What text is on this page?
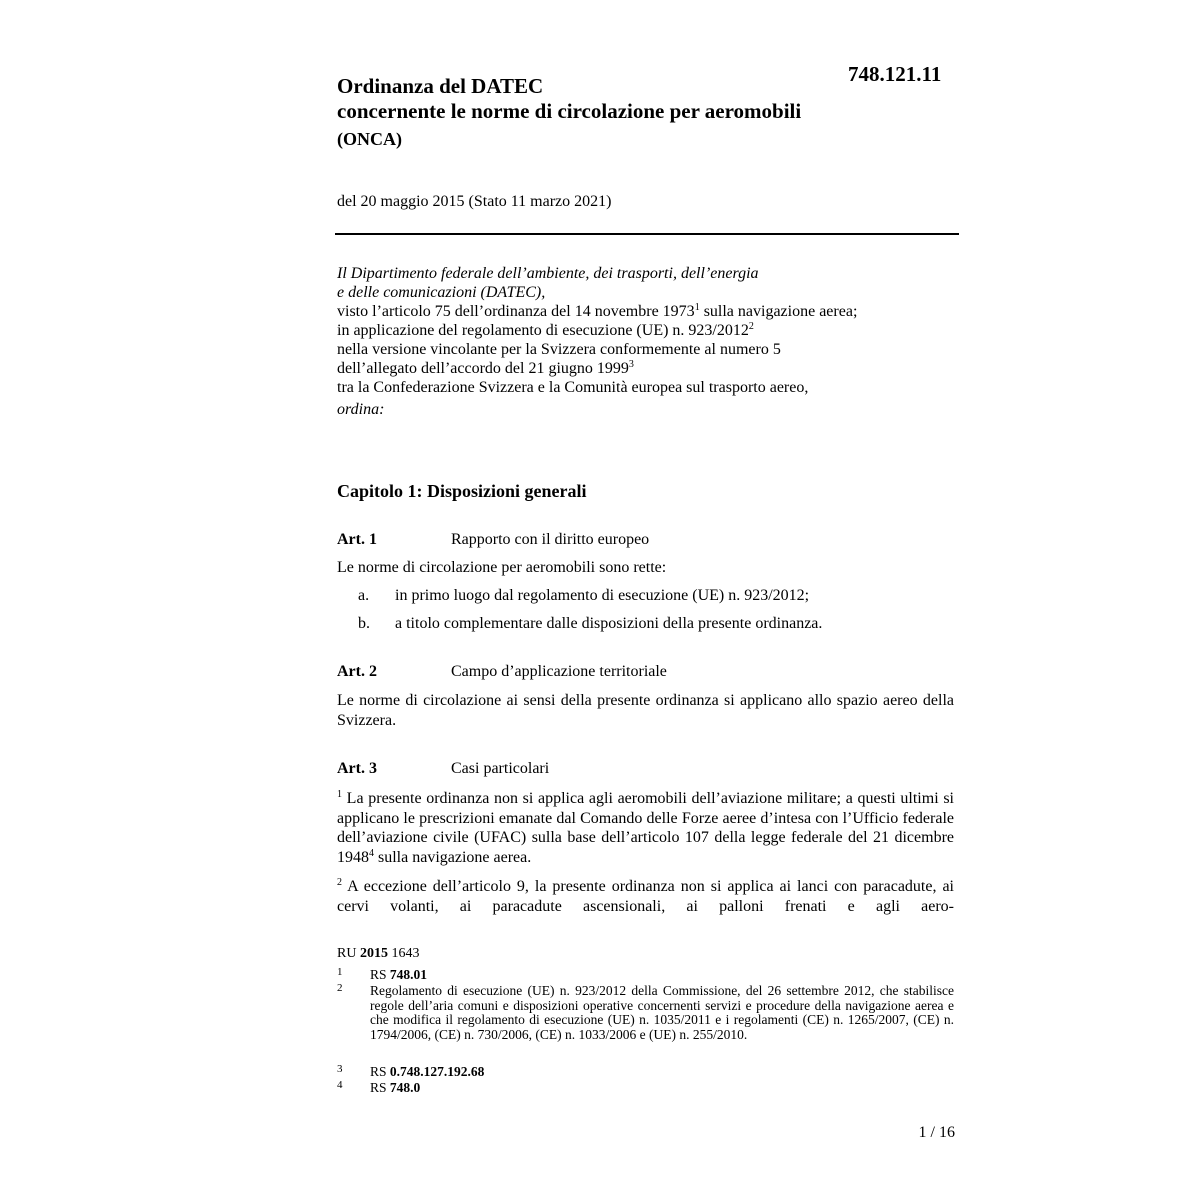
748.121.11
Ordinanza del DATEC
concernente le norme di circolazione per aeromobili
(ONCA)
del 20 maggio 2015 (Stato 11 marzo 2021)
Il Dipartimento federale dell’ambiente, dei trasporti, dell’energia
e delle comunicazioni (DATEC),
visto l’articolo 75 dell’ordinanza del 14 novembre 1973$^1$ sulla navigazione aerea;
in applicazione del regolamento di esecuzione (UE) n. 923/2012$^2$
nella versione vincolante per la Svizzera conformemente al numero 5
dell’allegato dell’accordo del 21 giugno 1999$^3$
tra la Confederazione Svizzera e la Comunità europea sul trasporto aereo,
ordina:
Capitolo 1: Disposizioni generali
Art. 1	Rapporto con il diritto europeo
Le norme di circolazione per aeromobili sono rette:
a. in primo luogo dal regolamento di esecuzione (UE) n. 923/2012;
b. a titolo complementare dalle disposizioni della presente ordinanza.
Art. 2	Campo d’applicazione territoriale
Le norme di circolazione ai sensi della presente ordinanza si applicano allo spazio aereo della Svizzera.
Art. 3	Casi particolari
$^1$ La presente ordinanza non si applica agli aeromobili dell’aviazione militare; a questi ultimi si applicano le prescrizioni emanate dal Comando delle Forze aeree d’intesa con l’Ufficio federale dell’aviazione civile (UFAC) sulla base dell’articolo 107 della legge federale del 21 dicembre 1948$^4$ sulla navigazione aerea.
$^2$ A eccezione dell’articolo 9, la presente ordinanza non si applica ai lanci con paracadute, ai cervi volanti, ai paracadute ascensionali, ai palloni frenati e agli aero-
RU 2015 1643
1 RS 748.01
2 Regolamento di esecuzione (UE) n. 923/2012 della Commissione, del 26 settembre 2012, che stabilisce regole dell’aria comuni e disposizioni operative concernenti servizi e procedure della navigazione aerea e che modifica il regolamento di esecuzione (UE) n. 1035/2011 e i regolamenti (CE) n. 1265/2007, (CE) n. 1794/2006, (CE) n. 730/2006, (CE) n. 1033/2006 e (UE) n. 255/2010.
3 RS 0.748.127.192.68
4 RS 748.0
1 / 16
